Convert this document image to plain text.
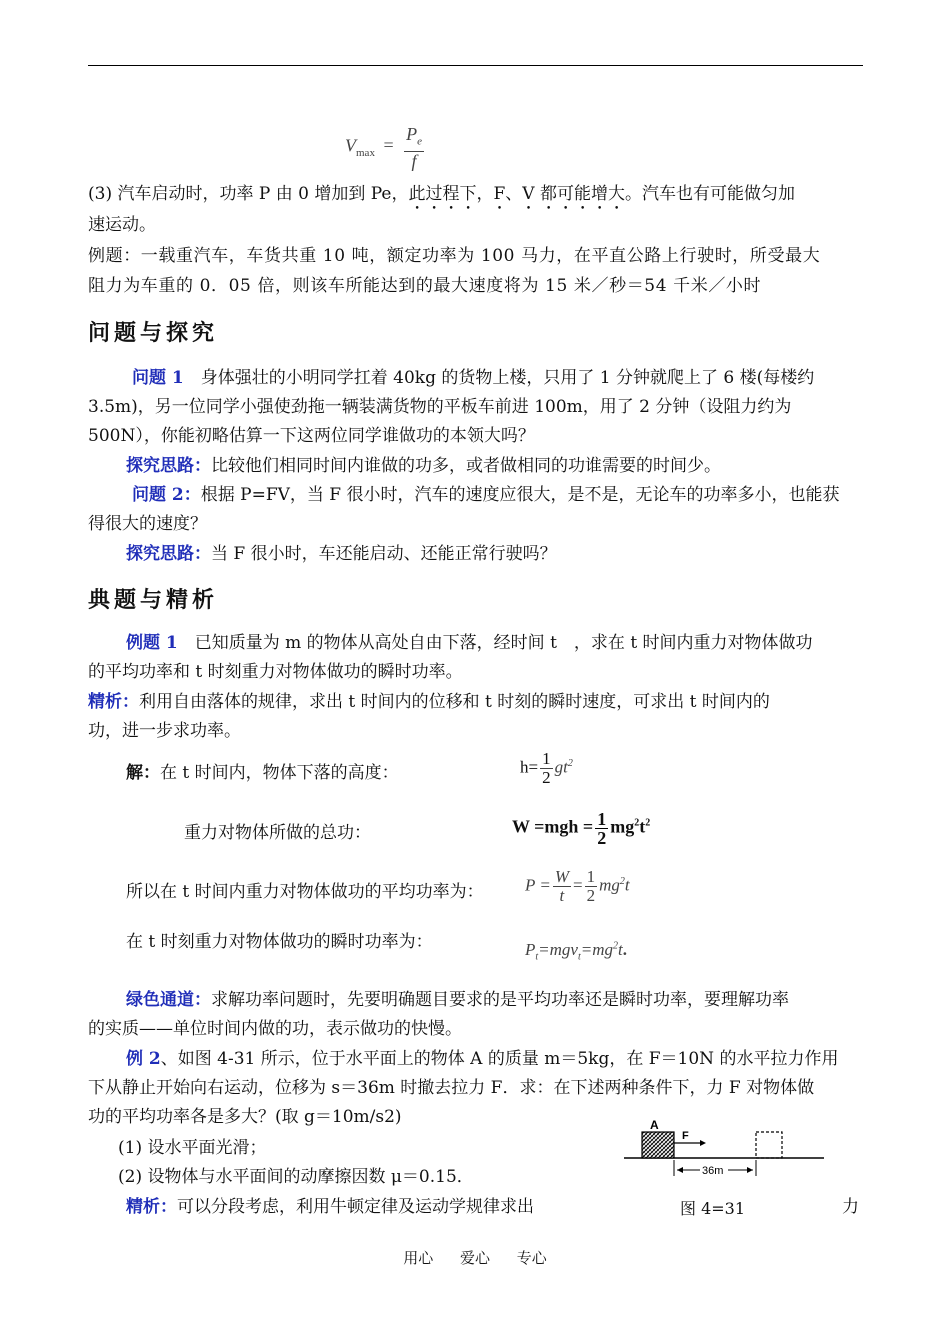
$V_{max} = \frac{P_e}{f}$
(3) 汽车启动时，功率 P 由 0 增加到 Pe，此过程下，F、V 都可能增大。汽车也有可能做匀加
速运动。
例题：一载重汽车，车货共重 10 吨，额定功率为 100 马力，在平直公路上行驶时，所受最大
阻力为车重的 0．05 倍，则该车所能达到的最大速度将为 15 米／秒＝54 千米／小时
问题与探究
问题 1　 身体强壮的小明同学扛着 40kg 的货物上楼，只用了 1 分钟就爬上了 6 楼(每楼约
3.5m)，另一位同学小强使劲拖一辆装满货物的平板车前进 100m，用了 2 分钟（设阻力约为
500N），你能初略估算一下这两位同学谁做功的本领大吗？
探究思路：比较他们相同时间内谁做的功多，或者做相同的功谁需要的时间少。
问题 2：根据 P=FV，当 F 很小时，汽车的速度应很大，是不是，无论车的功率多小，也能获
得很大的速度？
探究思路：当 F 很小时，车还能启动、还能正常行驶吗？
典题与精析
例题 1　 已知质量为 m 的物体从高处自由下落，经时间 t　，求在 t 时间内重力对物体做功
的平均功率和 t 时刻重力对物体做功的瞬时功率。
精析：利用自由落体的规律，求出 t 时间内的位移和 t 时刻的瞬时速度，可求出 t 时间内的
功，进一步求功率。
解：在 t 时间内，物体下落的高度：	$h= \frac{1}{2} gt^2$
重力对物体所做的总功：	$W =mgh = \frac{1}{2} mg^2t^2$
所以在 t 时间内重力对物体做功的平均功率为：	$P = \frac{W}{t} = \frac{1}{2} mg^2t$
在 t 时刻重力对物体做功的瞬时功率为：	$P_t=mgv_t=mg^2t$.
绿色通道：求解功率问题时，先要明确题目要求的是平均功率还是瞬时功率，要理解功率
的实质——单位时间内做的功，表示做功的快慢。
例 2、如图 4-31 所示，位于水平面上的物体 A 的质量 m＝5kg，在 F＝10N 的水平拉力作用
下从静止开始向右运动，位移为 s＝36m 时撤去拉力 F．求：在下述两种条件下，力 F 对物体做
功的平均功率各是多大？(取 g＝10m/s2)
(1) 设水平面光滑；
(2) 设物体与水平面间的动摩擦因数 μ＝0.15．
精析：可以分段考虑，利用牛顿定律及运动学规律求出	力
A
F
36m
图 4=31
用心 爱心 专心
